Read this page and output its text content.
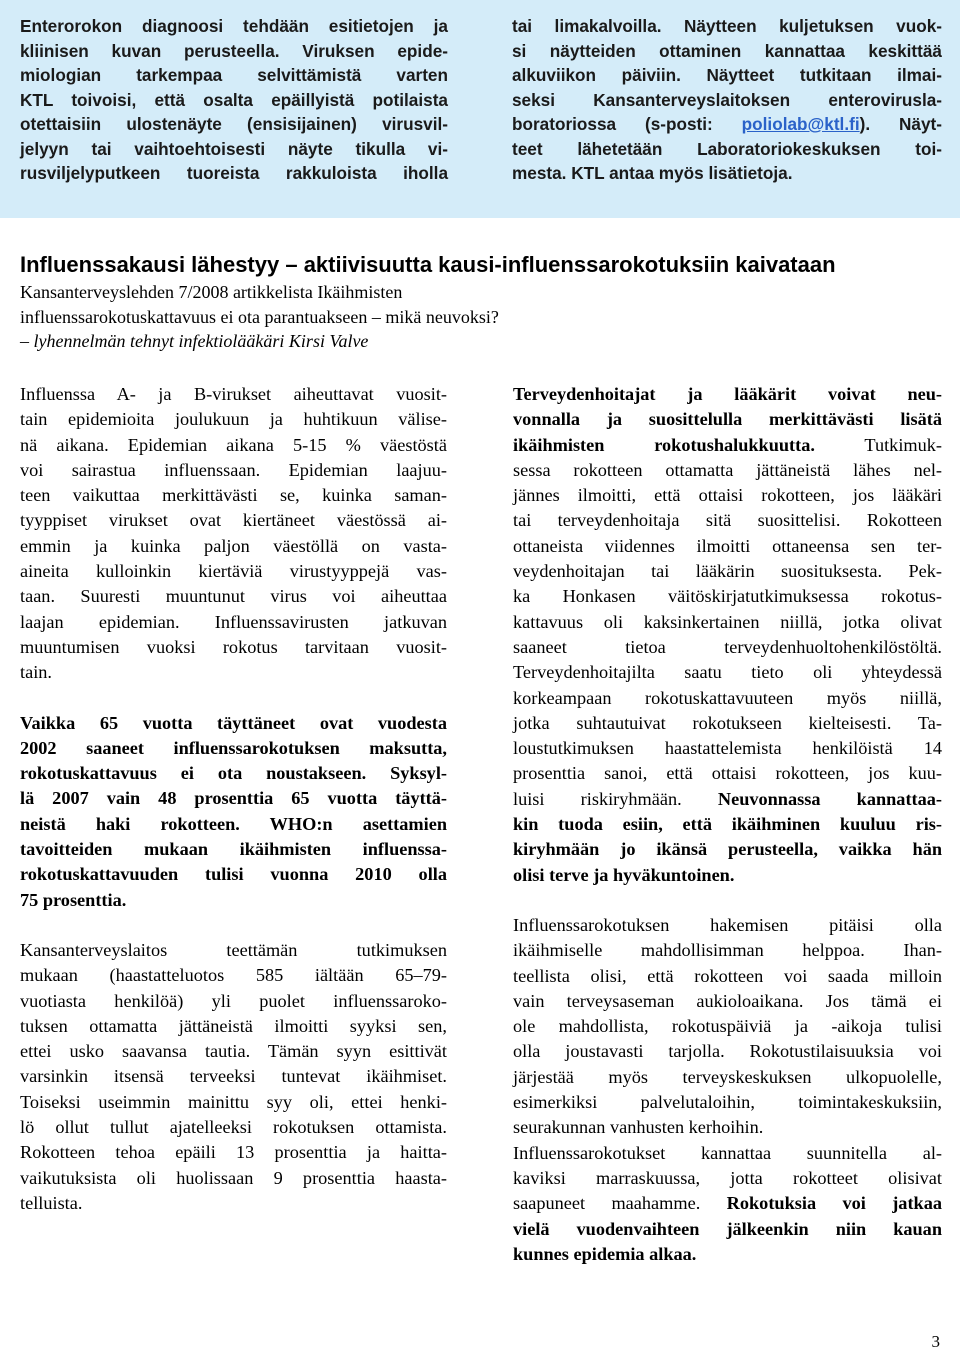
Enterorokon diagnoosi tehdään esitietojen ja
kliinisen kuvan perusteella. Viruksen epide-
miologian tarkempaa selvittämistä varten
KTL toivoisi, että osalta epäillyistä potilaista
otettaisiin ulostenäyte (ensisijainen) virusvil-
jelyyn tai vaihtoehtoisesti näyte tikulla vi-
rusviljelyputkeen tuoreista rakkuloista iholla
tai limakalvoilla. Näytteen kuljetuksen vuok-
si näytteiden ottaminen kannattaa keskittää
alkuviikon päiviin. Näytteet tutkitaan ilmai-
seksi Kansanterveyslaitoksen enterovirusla-
boratoriossa (s-posti: poliolab@ktl.fi). Näyt-
teet lähetetään Laboratoriokeskuksen toi-
mesta. KTL antaa myös lisätietoja.
Influenssakausi lähestyy – aktiivisuutta kausi-influenssarokotuksiin kaivataan
Kansanterveyslehden 7/2008 artikkelista Ikäihmisten
influenssarokotuskattavuus ei ota parantuakseen – mikä neuvoksi?
– lyhennelmän tehnyt infektiolääkäri Kirsi Valve
Influenssa A- ja B-virukset aiheuttavat vuosit-
tain epidemioita joulukuun ja huhtikuun välise-
nä aikana. Epidemian aikana 5-15 % väestöstä
voi sairastua influenssaan. Epidemian laajuu-
teen vaikuttaa merkittävästi se, kuinka saman-
tyyppiset virukset ovat kiertäneet väestössä ai-
emmin ja kuinka paljon väestöllä on vasta-
aineita kulloinkin kiertäviä virustyyppejä vas-
taan. Suuresti muuntunut virus voi aiheuttaa
laajan epidemian. Influenssavirusten jatkuvan
muuntumisen vuoksi rokotus tarvitaan vuosit-
tain.
Vaikka 65 vuotta täyttäneet ovat vuodesta
2002 saaneet influenssarokotuksen maksutta,
rokotuskattavuus ei ota noustakseen. Syksyl-
lä 2007 vain 48 prosenttia 65 vuotta täyttä-
neistä haki rokotteen. WHO:n asettamien
tavoitteiden mukaan ikäihmisten influenssa-
rokotuskattavuuden tulisi vuonna 2010 olla
75 prosenttia.
Kansanterveyslaitos teettämän tutkimuksen
mukaan (haastatteluotos 585 iältään 65–79-
vuotiasta henkilöä) yli puolet influenssaroko-
tuksen ottamatta jättäneistä ilmoitti syyksi sen,
ettei usko saavansa tautia. Tämän syyn esittivät
varsinkin itsensä terveeksi tuntevat ikäihmiset.
Toiseksi useimmin mainittu syy oli, ettei henki-
lö ollut tullut ajatelleeksi rokotuksen ottamista.
Rokotteen tehoa epäili 13 prosenttia ja haitta-
vaikutuksista oli huolissaan 9 prosenttia haasta-
telluista.
Terveydenhoitajat ja lääkärit voivat neu-
vonnalla ja suosittelulla merkittävästi lisätä
ikäihmisten rokotushalukkuutta. Tutkimuk-
sessa rokotteen ottamatta jättäneistä lähes nel-
jännes ilmoitti, että ottaisi rokotteen, jos lääkäri
tai terveydenhoitaja sitä suosittelisi. Rokotteen
ottaneista viidennes ilmoitti ottaneensa sen ter-
veydenhoitajan tai lääkärin suosituksesta. Pek-
ka Honkasen väitöskirjatutkimuksessa rokotus-
kattavuus oli kaksinkertainen niillä, jotka olivat
saaneet tietoa terveydenhuoltohenkilöstöltä.
Terveydenhoitajilta saatu tieto oli yhteydessä
korkeampaan rokotuskattavuuteen myös niillä,
jotka suhtautuivat rokotukseen kielteisesti. Ta-
loustutkimuksen haastattelemista henkilöistä 14
prosenttia sanoi, että ottaisi rokotteen, jos kuu-
luisi riskiryhmään. Neuvonnassa kannattaa-
kin tuoda esiin, että ikäihminen kuuluu ris-
kiryhmään jo ikänsä perusteella, vaikka hän
olisi terve ja hyväkuntoinen.
Influenssarokotuksen hakemisen pitäisi olla
ikäihmiselle mahdollisimman helppoa. Ihan-
teellista olisi, että rokotteen voi saada milloin
vain terveysaseman aukioloaikana. Jos tämä ei
ole mahdollista, rokotuspäiviä ja -aikoja tulisi
olla joustavasti tarjolla. Rokotustilaisuuksia voi
järjestää myös terveyskeskuksen ulkopuolelle,
esimerkiksi palvelutaloihin, toimintakeskuksiin,
seurakunnan vanhusten kerhoihin.
Influenssarokotukset kannattaa suunnitella al-
kaviksi marraskuussa, jotta rokotteet olisivat
saapuneet maahamme. Rokotuksia voi jatkaa
vielä vuodenvaihteen jälkeenkin niin kauan
kunnes epidemia alkaa.
3
